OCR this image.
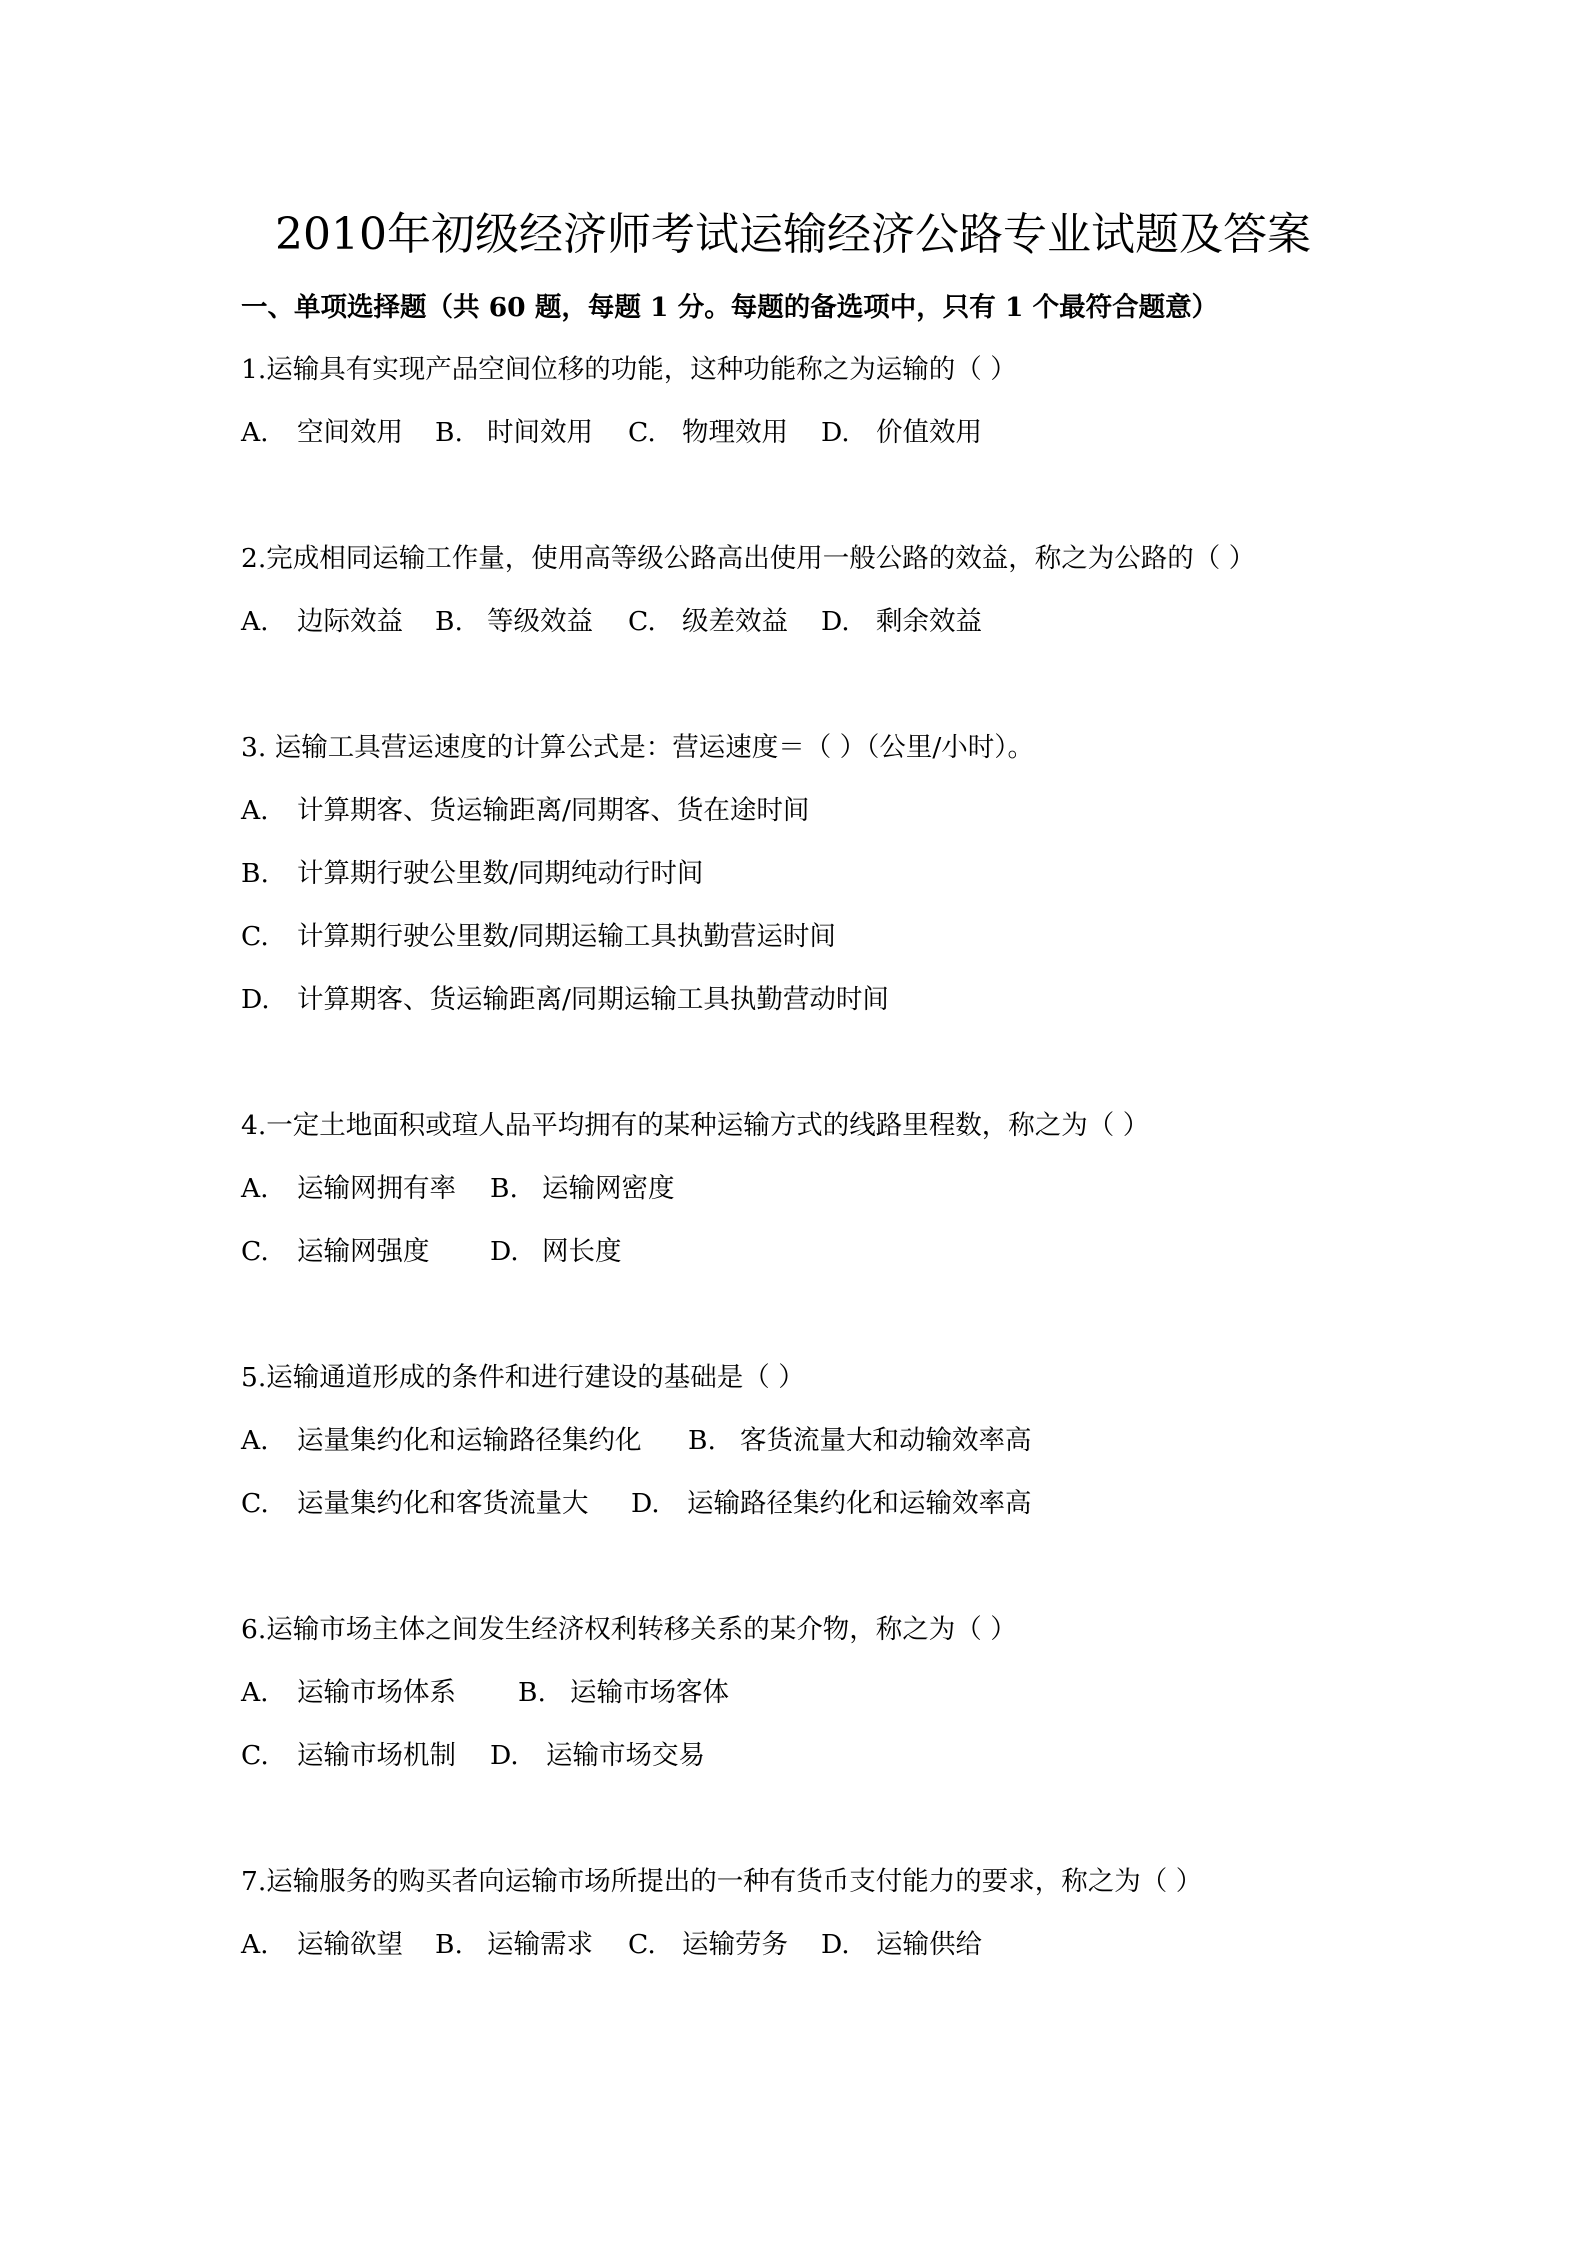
2010年初级经济师考试运输经济公路专业试题及答案
一、单项选择题（共 60 题，每题 1 分。每题的备选项中，只有 1 个最符合题意）
1.运输具有实现产品空间位移的功能，这种功能称之为运输的（ ）
A. 空间效用 B. 时间效用 C. 物理效用 D. 价值效用
2.完成相同运输工作量，使用高等级公路高出使用一般公路的效益，称之为公路的（ ）
A. 边际效益 B. 等级效益 C. 级差效益 D. 剩余效益
3. 运输工具营运速度的计算公式是：营运速度＝（ ）（公里/小时）。
A. 计算期客、货运输距离/同期客、货在途时间
B. 计算期行驶公里数/同期纯动行时间
C. 计算期行驶公里数/同期运输工具执勤营运时间
D. 计算期客、货运输距离/同期运输工具执勤营动时间
4.一定土地面积或瑄人品平均拥有的某种运输方式的线路里程数，称之为（ ）
A. 运输网拥有率 B. 运输网密度
C. 运输网强度 D. 网长度
5.运输通道形成的条件和进行建设的基础是（ ）
A. 运量集约化和运输路径集约化 B. 客货流量大和动输效率高
C. 运量集约化和客货流量大 D. 运输路径集约化和运输效率高
6.运输市场主体之间发生经济权利转移关系的某介物，称之为（ ）
A. 运输市场体系 B. 运输市场客体
C. 运输市场机制 D. 运输市场交易
7.运输服务的购买者向运输市场所提出的一种有货币支付能力的要求，称之为（ ）
A. 运输欲望 B. 运输需求 C. 运输劳务 D. 运输供给
